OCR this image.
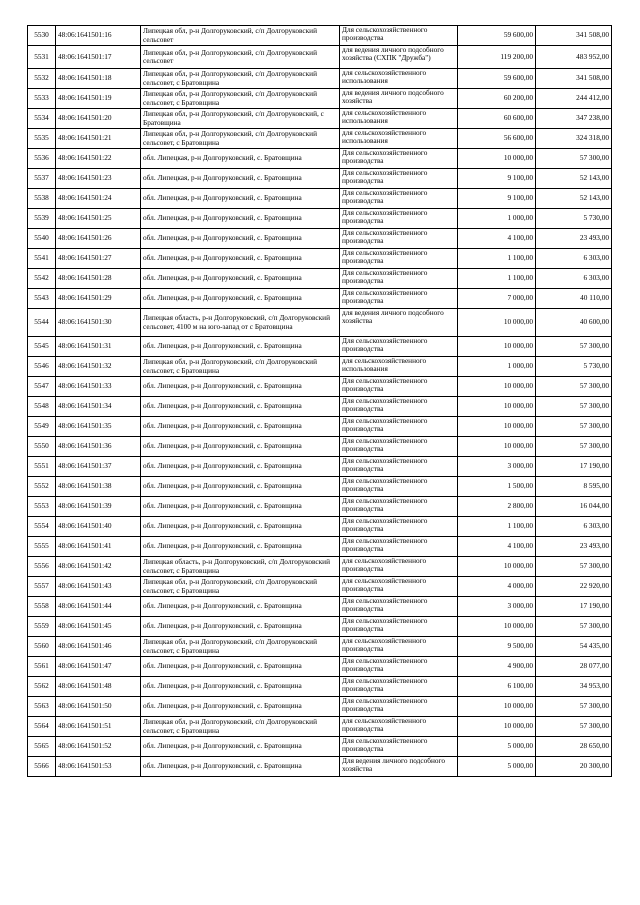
5530	48:06:1641501:16	Липецкая обл, р-н Долгоруковский, с/п Долгоруковский сельсовет	Для сельскохозяйственного производства	59 600,00	341 508,00
5531	48:06:1641501:17	Липецкая обл, р-н Долгоруковский, с/п Долгоруковский сельсовет	для ведения личного подсобного хозяйства (СХПК "Дружба")	119 200,00	483 952,00
5532	48:06:1641501:18	Липецкая обл, р-н Долгоруковский, с/п Долгоруковский сельсовет, с Братовщина	для сельскохозяйственного использования	59 600,00	341 508,00
5533	48:06:1641501:19	Липецкая обл, р-н Долгоруковский, с/п Долгоруковский сельсовет, с Братовщина	для ведения личного подсобного хозяйства	60 200,00	244 412,00
5534	48:06:1641501:20	Липецкая обл, р-н Долгоруковский, с/п Долгоруковский, с Братовщина	для сельскохозяйственного использования	60 600,00	347 238,00
5535	48:06:1641501:21	Липецкая обл, р-н Долгоруковский, с/п Долгоруковский сельсовет, с Братовщина	для сельскохозяйственного использования	56 600,00	324 318,00
5536	48:06:1641501:22	обл. Липецкая, р-н Долгоруковский, с. Братовщина	Для сельскохозяйственного производства	10 000,00	57 300,00
5537	48:06:1641501:23	обл. Липецкая, р-н Долгоруковский, с. Братовщина	Для сельскохозяйственного производства	9 100,00	52 143,00
5538	48:06:1641501:24	обл. Липецкая, р-н Долгоруковский, с. Братовщина	Для сельскохозяйственного производства	9 100,00	52 143,00
5539	48:06:1641501:25	обл. Липецкая, р-н Долгоруковский, с. Братовщина	Для сельскохозяйственного производства	1 000,00	5 730,00
5540	48:06:1641501:26	обл. Липецкая, р-н Долгоруковский, с. Братовщина	Для сельскохозяйственного производства	4 100,00	23 493,00
5541	48:06:1641501:27	обл. Липецкая, р-н Долгоруковский, с. Братовщина	Для сельскохозяйственного производства	1 100,00	6 303,00
5542	48:06:1641501:28	обл. Липецкая, р-н Долгоруковский, с. Братовщина	Для сельскохозяйственного производства	1 100,00	6 303,00
5543	48:06:1641501:29	обл. Липецкая, р-н Долгоруковский, с. Братовщина	Для сельскохозяйственного производства	7 000,00	40 110,00
5544	48:06:1641501:30	Липецкая область, р-н Долгоруковский, с/п Долгоруковский сельсовет, 4100 м на юго-запад от с Братовщина	для ведения личного подсобного хозяйства	10 000,00	40 600,00
5545	48:06:1641501:31	обл. Липецкая, р-н Долгоруковский, с. Братовщина	Для сельскохозяйственного производства	10 000,00	57 300,00
5546	48:06:1641501:32	Липецкая обл, р-н Долгоруковский, с/п Долгоруковский сельсовет, с Братовщина	для сельскохозяйственного использования	1 000,00	5 730,00
5547	48:06:1641501:33	обл. Липецкая, р-н Долгоруковский, с. Братовщина	Для сельскохозяйственного производства	10 000,00	57 300,00
5548	48:06:1641501:34	обл. Липецкая, р-н Долгоруковский, с. Братовщина	Для сельскохозяйственного производства	10 000,00	57 300,00
5549	48:06:1641501:35	обл. Липецкая, р-н Долгоруковский, с. Братовщина	Для сельскохозяйственного производства	10 000,00	57 300,00
5550	48:06:1641501:36	обл. Липецкая, р-н Долгоруковский, с. Братовщина	Для сельскохозяйственного производства	10 000,00	57 300,00
5551	48:06:1641501:37	обл. Липецкая, р-н Долгоруковский, с. Братовщина	Для сельскохозяйственного производства	3 000,00	17 190,00
5552	48:06:1641501:38	обл. Липецкая, р-н Долгоруковский, с. Братовщина	Для сельскохозяйственного производства	1 500,00	8 595,00
5553	48:06:1641501:39	обл. Липецкая, р-н Долгоруковский, с. Братовщина	Для сельскохозяйственного производства	2 800,00	16 044,00
5554	48:06:1641501:40	обл. Липецкая, р-н Долгоруковский, с. Братовщина	Для сельскохозяйственного производства	1 100,00	6 303,00
5555	48:06:1641501:41	обл. Липецкая, р-н Долгоруковский, с. Братовщина	Для сельскохозяйственного производства	4 100,00	23 493,00
5556	48:06:1641501:42	Липецкая область, р-н Долгоруковский, с/п Долгоруковский сельсовет, с Братовщина	для сельскохозяйственного производства	10 000,00	57 300,00
5557	48:06:1641501:43	Липецкая обл, р-н Долгоруковский, с/п Долгоруковский сельсовет, с Братовщина	для сельскохозяйственного производства	4 000,00	22 920,00
5558	48:06:1641501:44	обл. Липецкая, р-н Долгоруковский, с. Братовщина	Для сельскохозяйственного производства	3 000,00	17 190,00
5559	48:06:1641501:45	обл. Липецкая, р-н Долгоруковский, с. Братовщина	Для сельскохозяйственного производства	10 000,00	57 300,00
5560	48:06:1641501:46	Липецкая обл, р-н Долгоруковский, с/п Долгоруковский сельсовет, с Братовщина	для сельскохозяйственного производства	9 500,00	54 435,00
5561	48:06:1641501:47	обл. Липецкая, р-н Долгоруковский, с. Братовщина	Для сельскохозяйственного производства	4 900,00	28 077,00
5562	48:06:1641501:48	обл. Липецкая, р-н Долгоруковский, с. Братовщина	Для сельскохозяйственного производства	6 100,00	34 953,00
5563	48:06:1641501:50	обл. Липецкая, р-н Долгоруковский, с. Братовщина	Для сельскохозяйственного производства	10 000,00	57 300,00
5564	48:06:1641501:51	Липецкая обл, р-н Долгоруковский, с/п Долгоруковский сельсовет, с Братовщина	для сельскохозяйственного производства	10 000,00	57 300,00
5565	48:06:1641501:52	обл. Липецкая, р-н Долгоруковский, с. Братовщина	Для сельскохозяйственного производства	5 000,00	28 650,00
5566	48:06:1641501:53	обл. Липецкая, р-н Долгоруковский, с. Братовщина	Для ведения личного подсобного хозяйства	5 000,00	20 300,00
